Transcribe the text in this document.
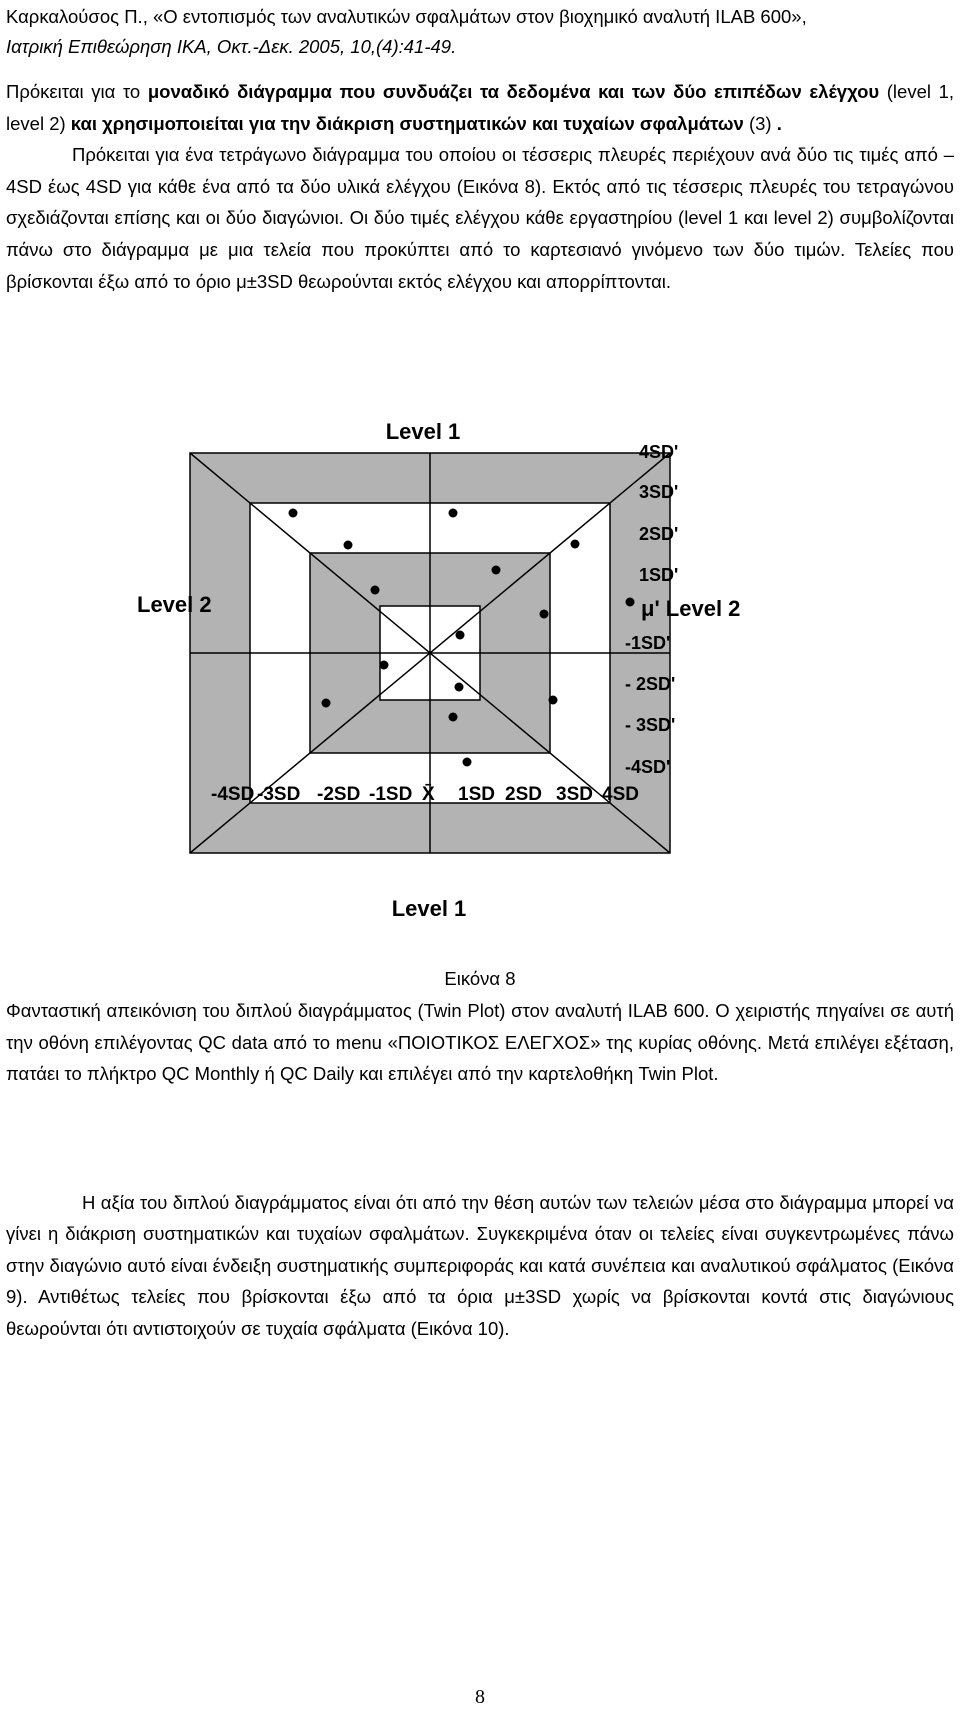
Καρκαλούσος Π., «Ο εντοπισμός των αναλυτικών σφαλμάτων στον βιοχημικό αναλυτή ILAB 600»,
Ιατρική Επιθεώρηση ΙΚΑ, Οκτ.-Δεκ. 2005, 10,(4):41-49.
Πρόκειται για το μοναδικό διάγραμμα που συνδυάζει τα δεδομένα και των δύο επιπέδων ελέγχου (level 1, level 2) και χρησιμοποιείται για την διάκριση συστηματικών και τυχαίων σφαλμάτων (3) .
Πρόκειται για ένα τετράγωνο διάγραμμα του οποίου οι τέσσερις πλευρές περιέχουν ανά δύο τις τιμές από –4SD έως 4SD για κάθε ένα από τα δύο υλικά ελέγχου (Εικόνα 8). Εκτός από τις τέσσερις πλευρές του τετραγώνου σχεδιάζονται επίσης και οι δύο διαγώνιοι. Οι δύο τιμές ελέγχου κάθε εργαστηρίου (level 1 και level 2) συμβολίζονται πάνω στο διάγραμμα με μια τελεία που προκύπτει από το καρτεσιανό γινόμενο των δύο τιμών. Τελείες που βρίσκονται έξω από το όριο μ±3SD θεωρούνται εκτός ελέγχου και απορρίπτονται.
Level 1
Level 1
Level 2	μ' Level 2
4SD'
3SD'
2SD'
1SD'
-1SD'
- 2SD'
- 3SD'
-4SD'
-4SD -3SD -2SD -1SD X̄ 1SD 2SD 3SD 4SD
Εικόνα 8
Φανταστική απεικόνιση του διπλού διαγράμματος (Twin Plot) στον αναλυτή ILAB 600. Ο χειριστής πηγαίνει σε αυτή την οθόνη επιλέγοντας QC data από το menu «ΠΟΙΟΤΙΚΟΣ ΕΛΕΓΧΟΣ» της κυρίας οθόνης. Μετά επιλέγει εξέταση, πατάει το πλήκτρο QC Monthly ή QC Daily και επιλέγει από την καρτελοθήκη Twin Plot.
Η αξία του διπλού διαγράμματος είναι ότι από την θέση αυτών των τελειών μέσα στο διάγραμμα μπορεί να γίνει η διάκριση συστηματικών και τυχαίων σφαλμάτων. Συγκεκριμένα όταν οι τελείες είναι συγκεντρωμένες πάνω στην διαγώνιο αυτό είναι ένδειξη συστηματικής συμπεριφοράς και κατά συνέπεια και αναλυτικού σφάλματος (Εικόνα 9). Αντιθέτως τελείες που βρίσκονται έξω από τα όρια μ±3SD χωρίς να βρίσκονται κοντά στις διαγώνιους θεωρούνται ότι αντιστοιχούν σε τυχαία σφάλματα (Εικόνα 10).
8
